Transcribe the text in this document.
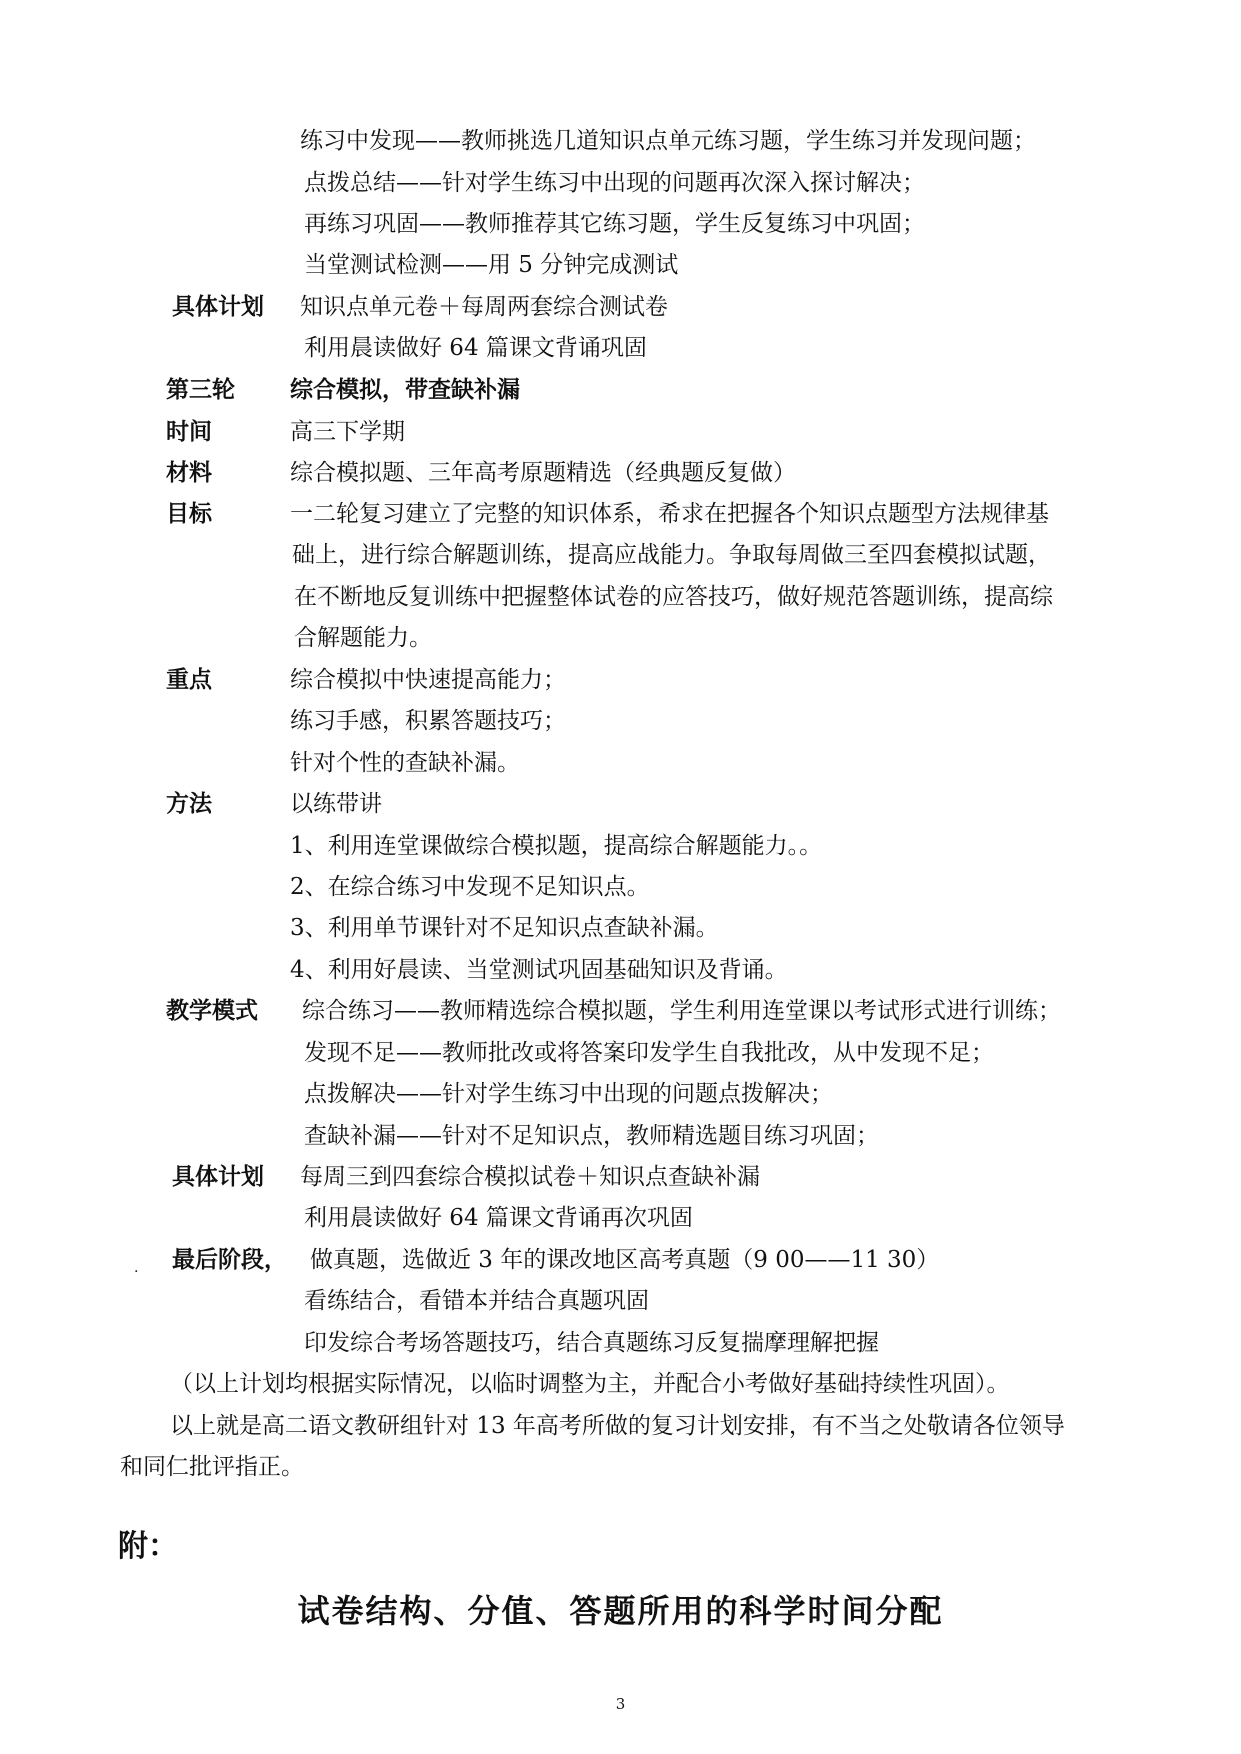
练习中发现——教师挑选几道知识点单元练习题，学生练习并发现问题；
点拨总结——针对学生练习中出现的问题再次深入探讨解决；
再练习巩固——教师推荐其它练习题，学生反复练习中巩固；
当堂测试检测——用 5 分钟完成测试
具体计划 知识点单元卷＋每周两套综合测试卷
利用晨读做好 64 篇课文背诵巩固
第三轮 综合模拟，带查缺补漏
时间	高三下学期
材料	综合模拟题、三年高考原题精选（经典题反复做）
目标	一二轮复习建立了完整的知识体系，希求在把握各个知识点题型方法规律基
础上，进行综合解题训练，提高应战能力。争取每周做三至四套模拟试题，
在不断地反复训练中把握整体试卷的应答技巧，做好规范答题训练，提高综
合解题能力。
重点	综合模拟中快速提高能力；
练习手感，积累答题技巧；
针对个性的查缺补漏。
方法	以练带讲
1、利用连堂课做综合模拟题，提高综合解题能力。。
2、在综合练习中发现不足知识点。
3、利用单节课针对不足知识点查缺补漏。
4、利用好晨读、当堂测试巩固基础知识及背诵。
教学模式 综合练习——教师精选综合模拟题，学生利用连堂课以考试形式进行训练；
发现不足——教师批改或将答案印发学生自我批改，从中发现不足；
点拨解决——针对学生练习中出现的问题点拨解决；
查缺补漏——针对不足知识点，教师精选题目练习巩固；
具体计划 每周三到四套综合模拟试卷＋知识点查缺补漏
利用晨读做好 64 篇课文背诵再次巩固
. 最后阶段， 做真题，选做近 3 年的课改地区高考真题（9 00——11 30）
看练结合，看错本并结合真题巩固
印发综合考场答题技巧，结合真题练习反复揣摩理解把握
（以上计划均根据实际情况，以临时调整为主，并配合小考做好基础持续性巩固）。
以上就是高二语文教研组针对 13 年高考所做的复习计划安排，有不当之处敬请各位领导
和同仁批评指正。
附：
试卷结构、分值、答题所用的科学时间分配
3
